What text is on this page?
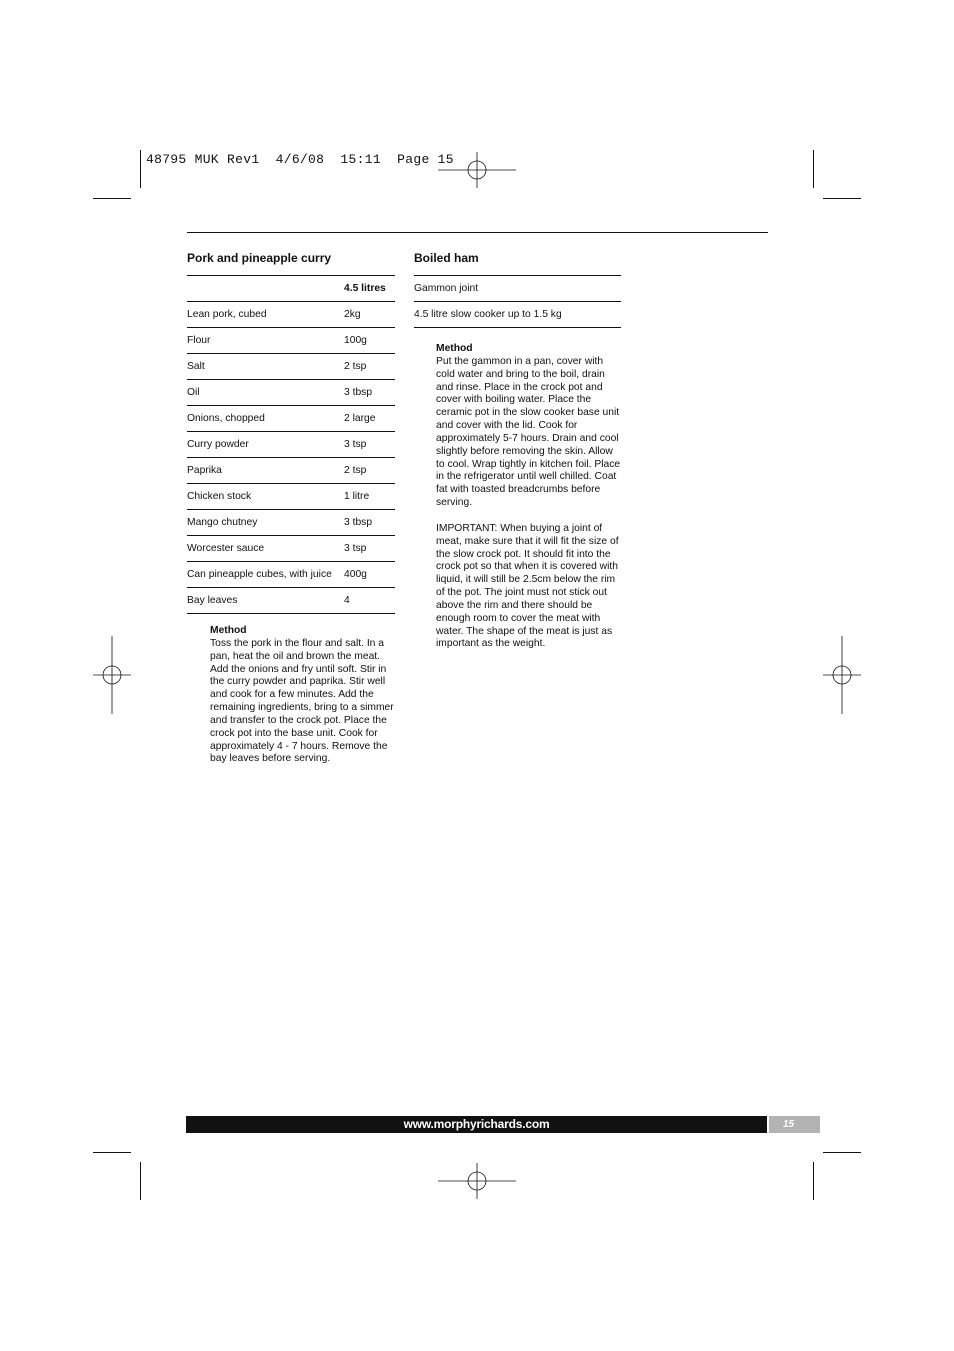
48795 MUK Rev1  4/6/08  15:11  Page 15
Pork and pineapple curry
	4.5 litres
Lean pork, cubed	2kg
Flour	100g
Salt	2 tsp
Oil	3 tbsp
Onions, chopped	2 large
Curry powder	3 tsp
Paprika	2 tsp
Chicken stock	1 litre
Mango chutney	3 tbsp
Worcester sauce	3 tsp
Can pineapple cubes, with juice	400g
Bay leaves	4
Method

Toss the pork in the flour and salt. In a pan, heat the oil and brown the meat. Add the onions and fry until soft. Stir in the curry powder and paprika. Stir well and cook for a few minutes. Add the remaining ingredients, bring to a simmer and transfer to the crock pot. Place the crock pot into the base unit. Cook for approximately 4 - 7 hours. Remove the bay leaves before serving.

Boiled ham
Gammon joint
4.5 litre slow cooker up to 1.5 kg
Method

Put the gammon in a pan, cover with cold water and bring to the boil, drain and rinse. Place in the crock pot and cover with boiling water. Place the ceramic pot in the slow cooker base unit and cover with the lid. Cook for approximately 5-7 hours. Drain and cool slightly before removing the skin. Allow to cool. Wrap tightly in kitchen foil. Place in the refrigerator until well chilled. Coat fat with toasted breadcrumbs before serving.

IMPORTANT: When buying a joint of meat, make sure that it will fit the size of the slow crock pot. It should fit into the crock pot so that when it is covered with liquid, it will still be 2.5cm below the rim of the pot. The joint must not stick out above the rim and there should be enough room to cover the meat with water. The shape of the meat is just as important as the weight.

www.morphyrichards.com	15
